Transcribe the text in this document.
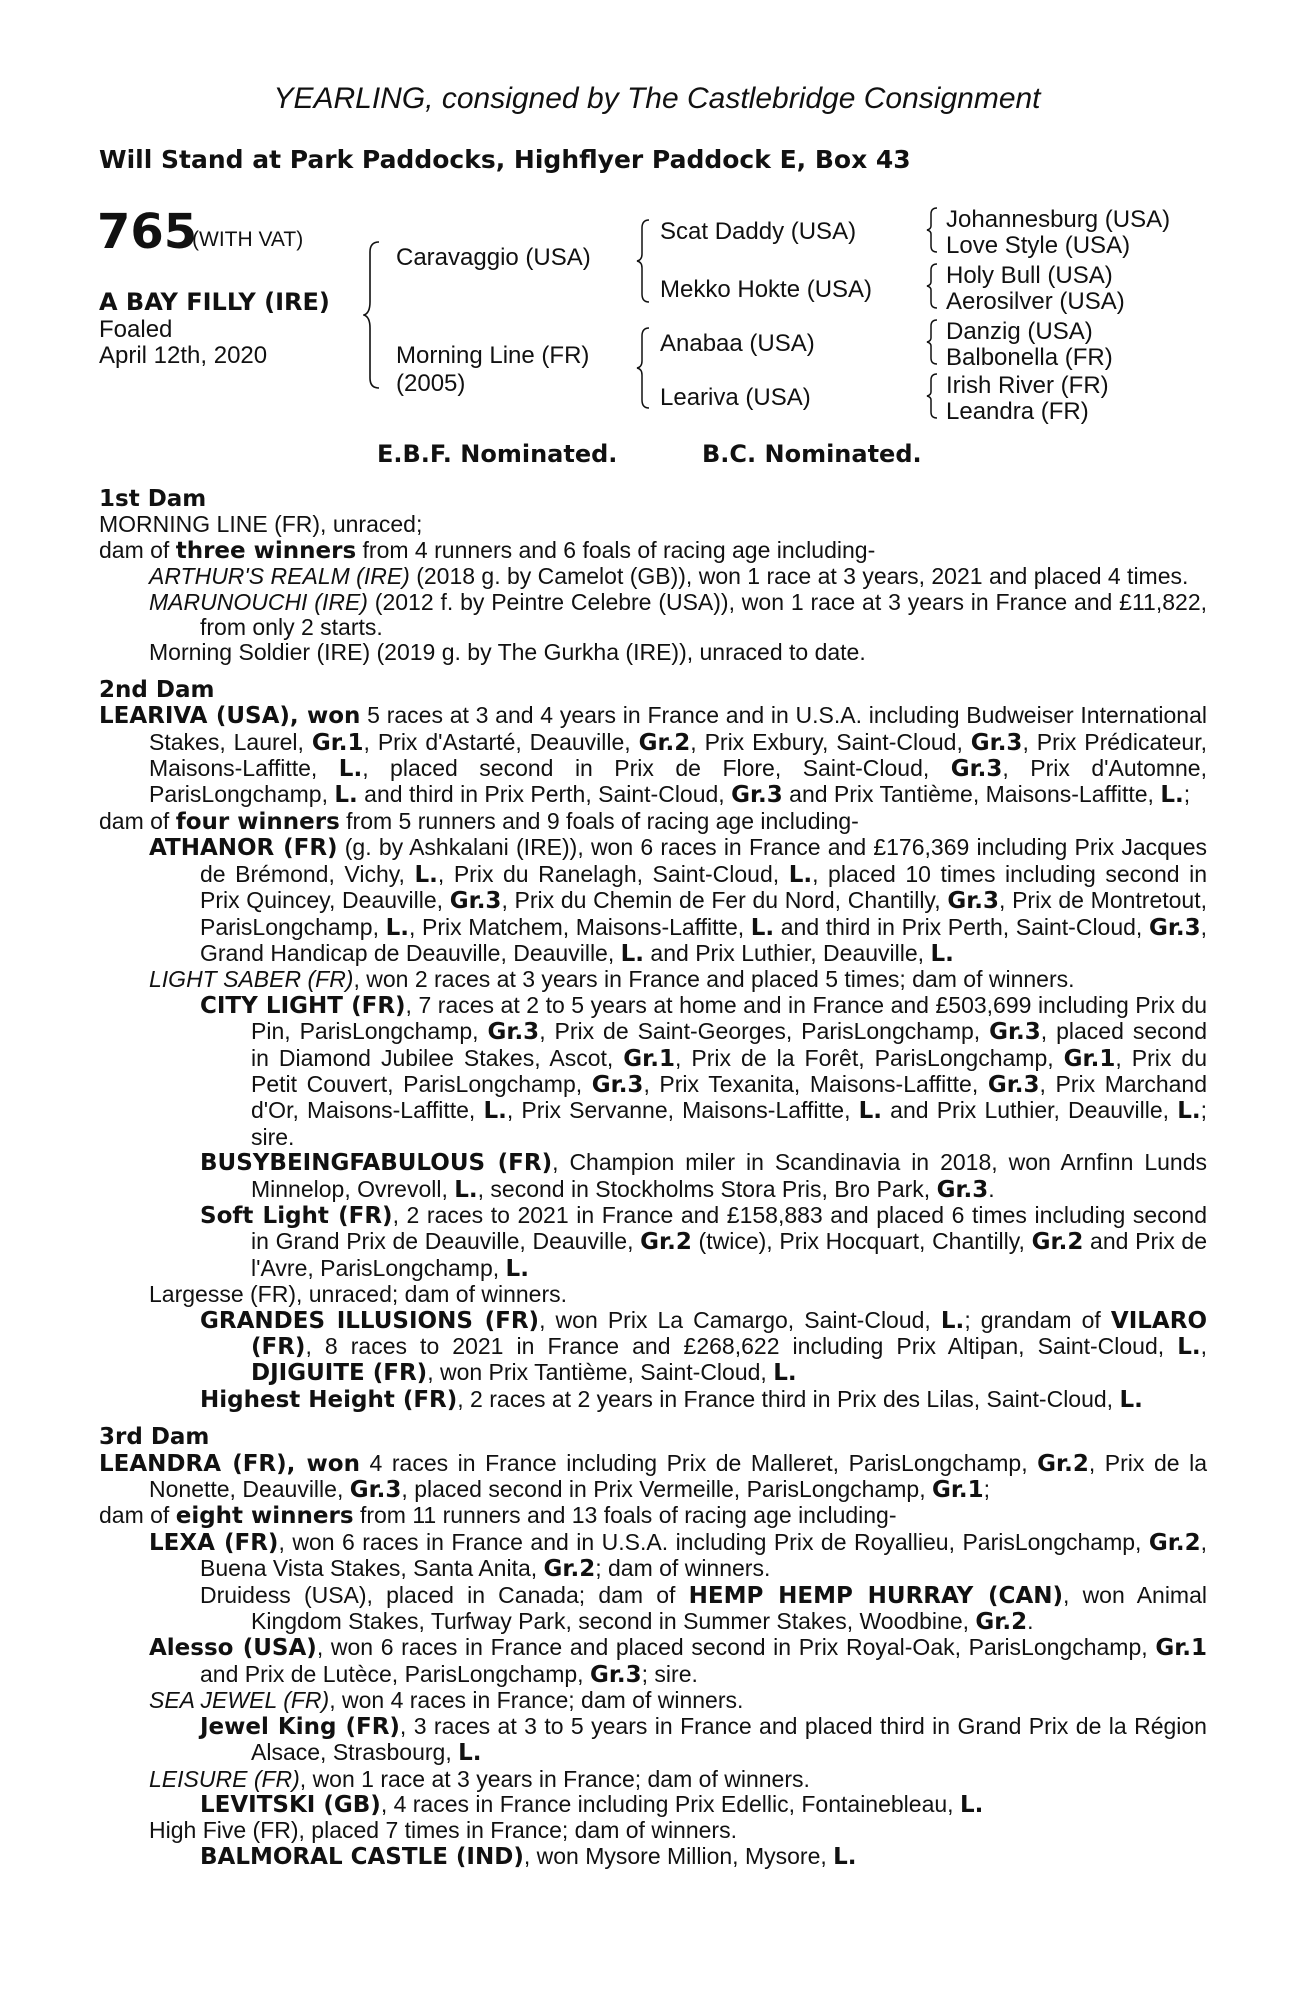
YEARLING, consigned by The Castlebridge Consignment
Will Stand at Park Paddocks, Highflyer Paddock E, Box 43
765
(WITH VAT)
A BAY FILLY (IRE)
Foaled
April 12th, 2020
Caravaggio (USA)
Morning Line (FR)
(2005)
Scat Daddy (USA)
Mekko Hokte (USA)
Anabaa (USA)
Leariva (USA)
Johannesburg (USA)
Love Style (USA)
Holy Bull (USA)
Aerosilver (USA)
Danzig (USA)
Balbonella (FR)
Irish River (FR)
Leandra (FR)
E.B.F. Nominated.	B.C. Nominated.
1st Dam
MORNING LINE (FR), unraced;
dam of three winners from 4 runners and 6 foals of racing age including-
ARTHUR'S REALM (IRE) (2018 g. by Camelot (GB)), won 1 race at 3 years, 2021 and placed 4 times.
MARUNOUCHI (IRE) (2012 f. by Peintre Celebre (USA)), won 1 race at 3 years in France and £11,822, from only 2 starts.
Morning Soldier (IRE) (2019 g. by The Gurkha (IRE)), unraced to date.
2nd Dam
LEARIVA (USA), won 5 races at 3 and 4 years in France and in U.S.A. including Budweiser International Stakes, Laurel, Gr.1, Prix d'Astarté, Deauville, Gr.2, Prix Exbury, Saint-Cloud, Gr.3, Prix Prédicateur, Maisons-Laffitte, L., placed second in Prix de Flore, Saint-Cloud, Gr.3, Prix d'Automne, ParisLongchamp, L. and third in Prix Perth, Saint-Cloud, Gr.3 and Prix Tantième, Maisons-Laffitte, L.;
dam of four winners from 5 runners and 9 foals of racing age including-
ATHANOR (FR) (g. by Ashkalani (IRE)), won 6 races in France and £176,369 including Prix Jacques de Brémond, Vichy, L., Prix du Ranelagh, Saint-Cloud, L., placed 10 times including second in Prix Quincey, Deauville, Gr.3, Prix du Chemin de Fer du Nord, Chantilly, Gr.3, Prix de Montretout, ParisLongchamp, L., Prix Matchem, Maisons-Laffitte, L. and third in Prix Perth, Saint-Cloud, Gr.3, Grand Handicap de Deauville, Deauville, L. and Prix Luthier, Deauville, L.
LIGHT SABER (FR), won 2 races at 3 years in France and placed 5 times; dam of winners.
CITY LIGHT (FR), 7 races at 2 to 5 years at home and in France and £503,699 including Prix du Pin, ParisLongchamp, Gr.3, Prix de Saint-Georges, ParisLongchamp, Gr.3, placed second in Diamond Jubilee Stakes, Ascot, Gr.1, Prix de la Forêt, ParisLongchamp, Gr.1, Prix du Petit Couvert, ParisLongchamp, Gr.3, Prix Texanita, Maisons-Laffitte, Gr.3, Prix Marchand d'Or, Maisons-Laffitte, L., Prix Servanne, Maisons-Laffitte, L. and Prix Luthier, Deauville, L.; sire.
BUSYBEINGFABULOUS (FR), Champion miler in Scandinavia in 2018, won Arnfinn Lunds Minnelop, Ovrevoll, L., second in Stockholms Stora Pris, Bro Park, Gr.3.
Soft Light (FR), 2 races to 2021 in France and £158,883 and placed 6 times including second in Grand Prix de Deauville, Deauville, Gr.2 (twice), Prix Hocquart, Chantilly, Gr.2 and Prix de l'Avre, ParisLongchamp, L.
Largesse (FR), unraced; dam of winners.
GRANDES ILLUSIONS (FR), won Prix La Camargo, Saint-Cloud, L.; grandam of VILARO (FR), 8 races to 2021 in France and £268,622 including Prix Altipan, Saint-Cloud, L., DJIGUITE (FR), won Prix Tantième, Saint-Cloud, L.
Highest Height (FR), 2 races at 2 years in France third in Prix des Lilas, Saint-Cloud, L.
3rd Dam
LEANDRA (FR), won 4 races in France including Prix de Malleret, ParisLongchamp, Gr.2, Prix de la Nonette, Deauville, Gr.3, placed second in Prix Vermeille, ParisLongchamp, Gr.1;
dam of eight winners from 11 runners and 13 foals of racing age including-
LEXA (FR), won 6 races in France and in U.S.A. including Prix de Royallieu, ParisLongchamp, Gr.2, Buena Vista Stakes, Santa Anita, Gr.2; dam of winners.
Druidess (USA), placed in Canada; dam of HEMP HEMP HURRAY (CAN), won Animal Kingdom Stakes, Turfway Park, second in Summer Stakes, Woodbine, Gr.2.
Alesso (USA), won 6 races in France and placed second in Prix Royal-Oak, ParisLongchamp, Gr.1 and Prix de Lutèce, ParisLongchamp, Gr.3; sire.
SEA JEWEL (FR), won 4 races in France; dam of winners.
Jewel King (FR), 3 races at 3 to 5 years in France and placed third in Grand Prix de la Région Alsace, Strasbourg, L.
LEISURE (FR), won 1 race at 3 years in France; dam of winners.
LEVITSKI (GB), 4 races in France including Prix Edellic, Fontainebleau, L.
High Five (FR), placed 7 times in France; dam of winners.
BALMORAL CASTLE (IND), won Mysore Million, Mysore, L.
